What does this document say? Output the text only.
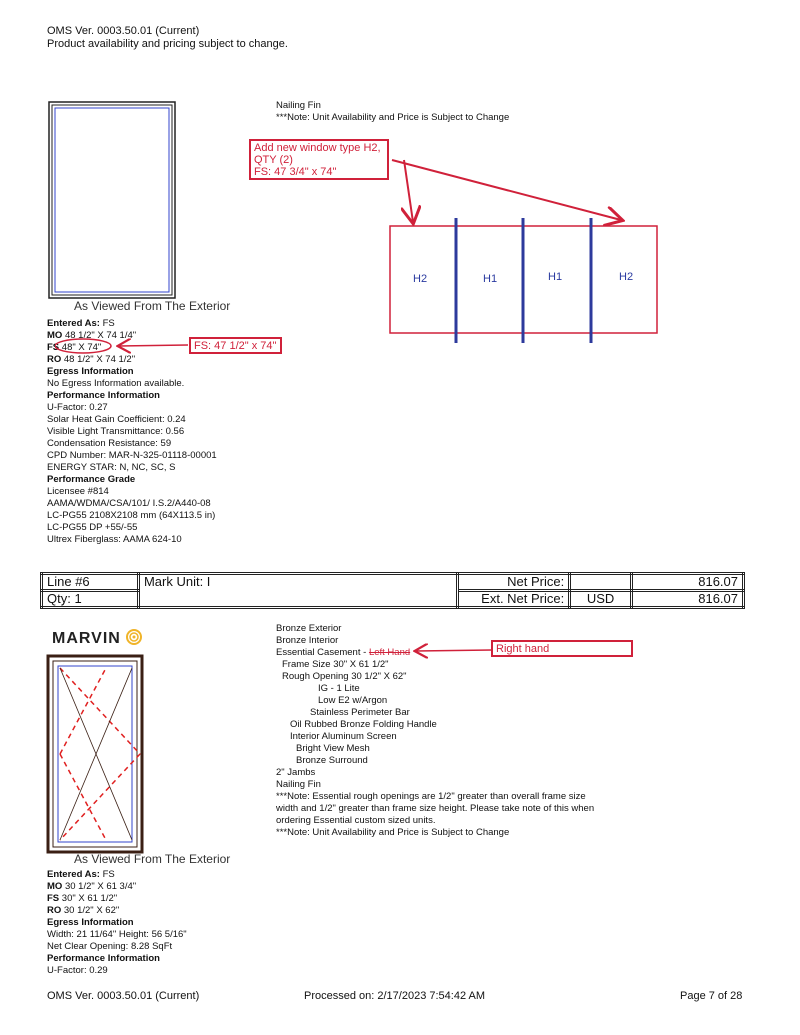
OMS Ver. 0003.50.01 (Current)
Product availability and pricing subject to change.
As Viewed From The Exterior
Nailing Fin
***Note: Unit Availability and Price is Subject to Change
Add new window type H2,
QTY (2)
FS: 47 3/4" x 74"
H2	H1	H1	H2
Entered As: FS
MO 48 1/2" X 74 1/4"
FS 48" X 74"
RO 48 1/2" X 74 1/2"
Egress Information
No Egress Information available.
Performance Information
U-Factor: 0.27
Solar Heat Gain Coefficient: 0.24
Visible Light Transmittance: 0.56
Condensation Resistance: 59
CPD Number: MAR-N-325-01118-00001
ENERGY STAR: N, NC, SC, S
Performance Grade
Licensee #814
AAMA/WDMA/CSA/101/ I.S.2/A440-08
LC-PG55 2108X2108 mm (64X113.5 in)
LC-PG55 DP +55/-55
Ultrex Fiberglass: AAMA 624-10
FS: 47 1/2" x 74"
Line #6	Mark Unit: I	Net Price:		816.07
Qty: 1		Ext. Net Price:	USD	816.07
MARVIN
As Viewed From The Exterior
Bronze Exterior
Bronze Interior
Essential Casement - Left Hand
Frame Size 30" X 61 1/2"
Rough Opening 30 1/2" X 62"
IG - 1 Lite
Low E2 w/Argon
Stainless Perimeter Bar
Oil Rubbed Bronze Folding Handle
Interior Aluminum Screen
Bright View Mesh
Bronze Surround
2" Jambs
Nailing Fin
***Note: Essential rough openings are 1/2" greater than overall frame size
width and 1/2" greater than frame size height. Please take note of this when
ordering Essential custom sized units.
***Note: Unit Availability and Price is Subject to Change
Right hand
Entered As: FS
MO 30 1/2" X 61 3/4"
FS 30" X 61 1/2"
RO 30 1/2" X 62"
Egress Information
Width: 21 11/64" Height: 56 5/16"
Net Clear Opening: 8.28 SqFt
Performance Information
U-Factor: 0.29
OMS Ver. 0003.50.01 (Current)	Processed on: 2/17/2023 7:54:42 AM	Page 7 of 28
